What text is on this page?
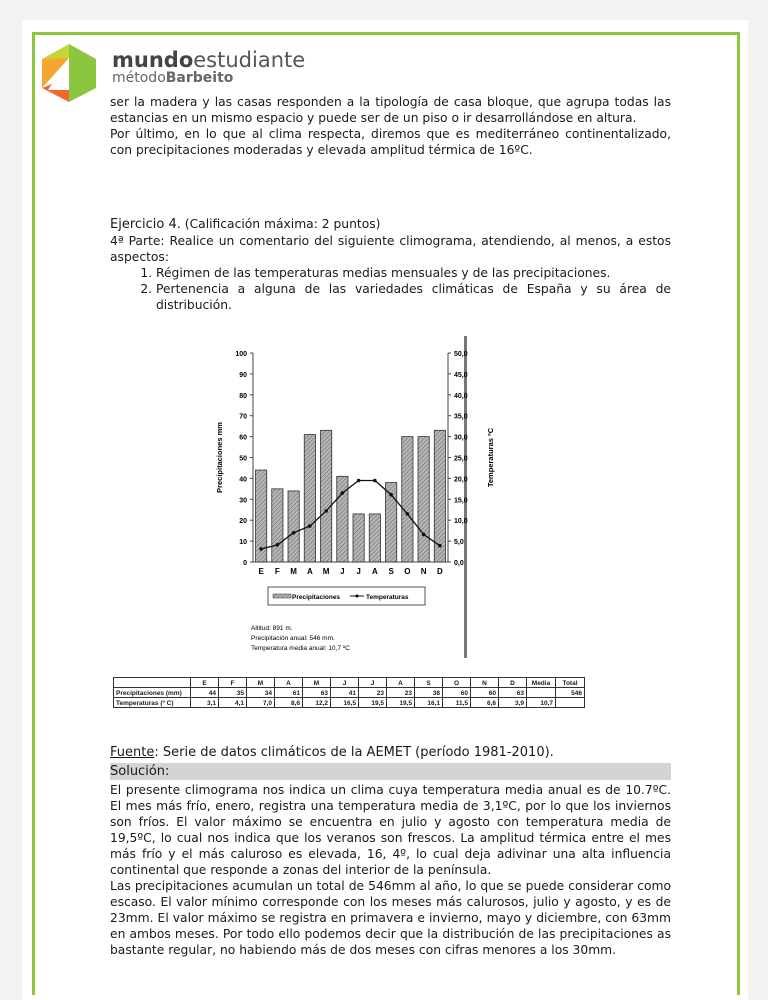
mundoestudiante
métodoBarbeito

ser la madera y las casas responden a la tipología de casa bloque, que agrupa todas las estancias en un mismo espacio y puede ser de un piso o ir desarrollándose en altura.

Por último, en lo que al clima respecta, diremos que es mediterráneo continentalizado, con precipitaciones moderadas y elevada amplitud térmica de 16ºC.

Ejercicio 4. (Calificación máxima: 2 puntos)

4ª Parte: Realice un comentario del siguiente climograma, atendiendo, al menos, a estos aspectos:

1. Régimen de las temperaturas medias mensuales y de las precipitaciones.
2. Pertenencia a alguna de las variedades climáticas de España y su área de distribución.
0
10
20
30
40
50
60
70
80
90
100
0,0
5,0
10,0
15,0
20,0
25,0
30,0
35,0
40,0
45,0
50,0
E F M A M J J A S O N D
Precipitaciones mm	Temperaturas ºC
Precipitaciones	Temperaturas
Altitud: 891 m.
Precipitación anual: 546 mm.
Temperatura media anual: 10,7 ºC
	E	F	M	A	M	J	J	A	S	O	N	D	Media	Total
Precipitaciones (mm)	44	35	34	61	63	41	23	23	38	60	60	63		546
Temperaturas (º C)	3,1	4,1	7,0	8,6	12,2	16,5	19,5	19,5	16,1	11,5	6,6	3,9	10,7	
Fuente: Serie de datos climáticos de la AEMET (período 1981-2010).
Solución:

El presente climograma nos indica un clima cuya temperatura media anual es de 10.7ºC. El mes más frío, enero, registra una temperatura media de 3,1ºC, por lo que los inviernos son fríos. El valor máximo se encuentra en julio y agosto con temperatura media de 19,5ºC, lo cual nos indica que los veranos son frescos. La amplitud térmica entre el mes más frío y el más caluroso es elevada, 16, 4º, lo cual deja adivinar una alta influencia continental que responde a zonas del interior de la península.

Las precipitaciones acumulan un total de 546mm al año, lo que se puede considerar como escaso. El valor mínimo corresponde con los meses más calurosos, julio y agosto, y es de 23mm. El valor máximo se registra en primavera e invierno, mayo y diciembre, con 63mm en ambos meses. Por todo ello podemos decir que la distribución de las precipitaciones as bastante regular, no habiendo más de dos meses con cifras menores a los 30mm.
